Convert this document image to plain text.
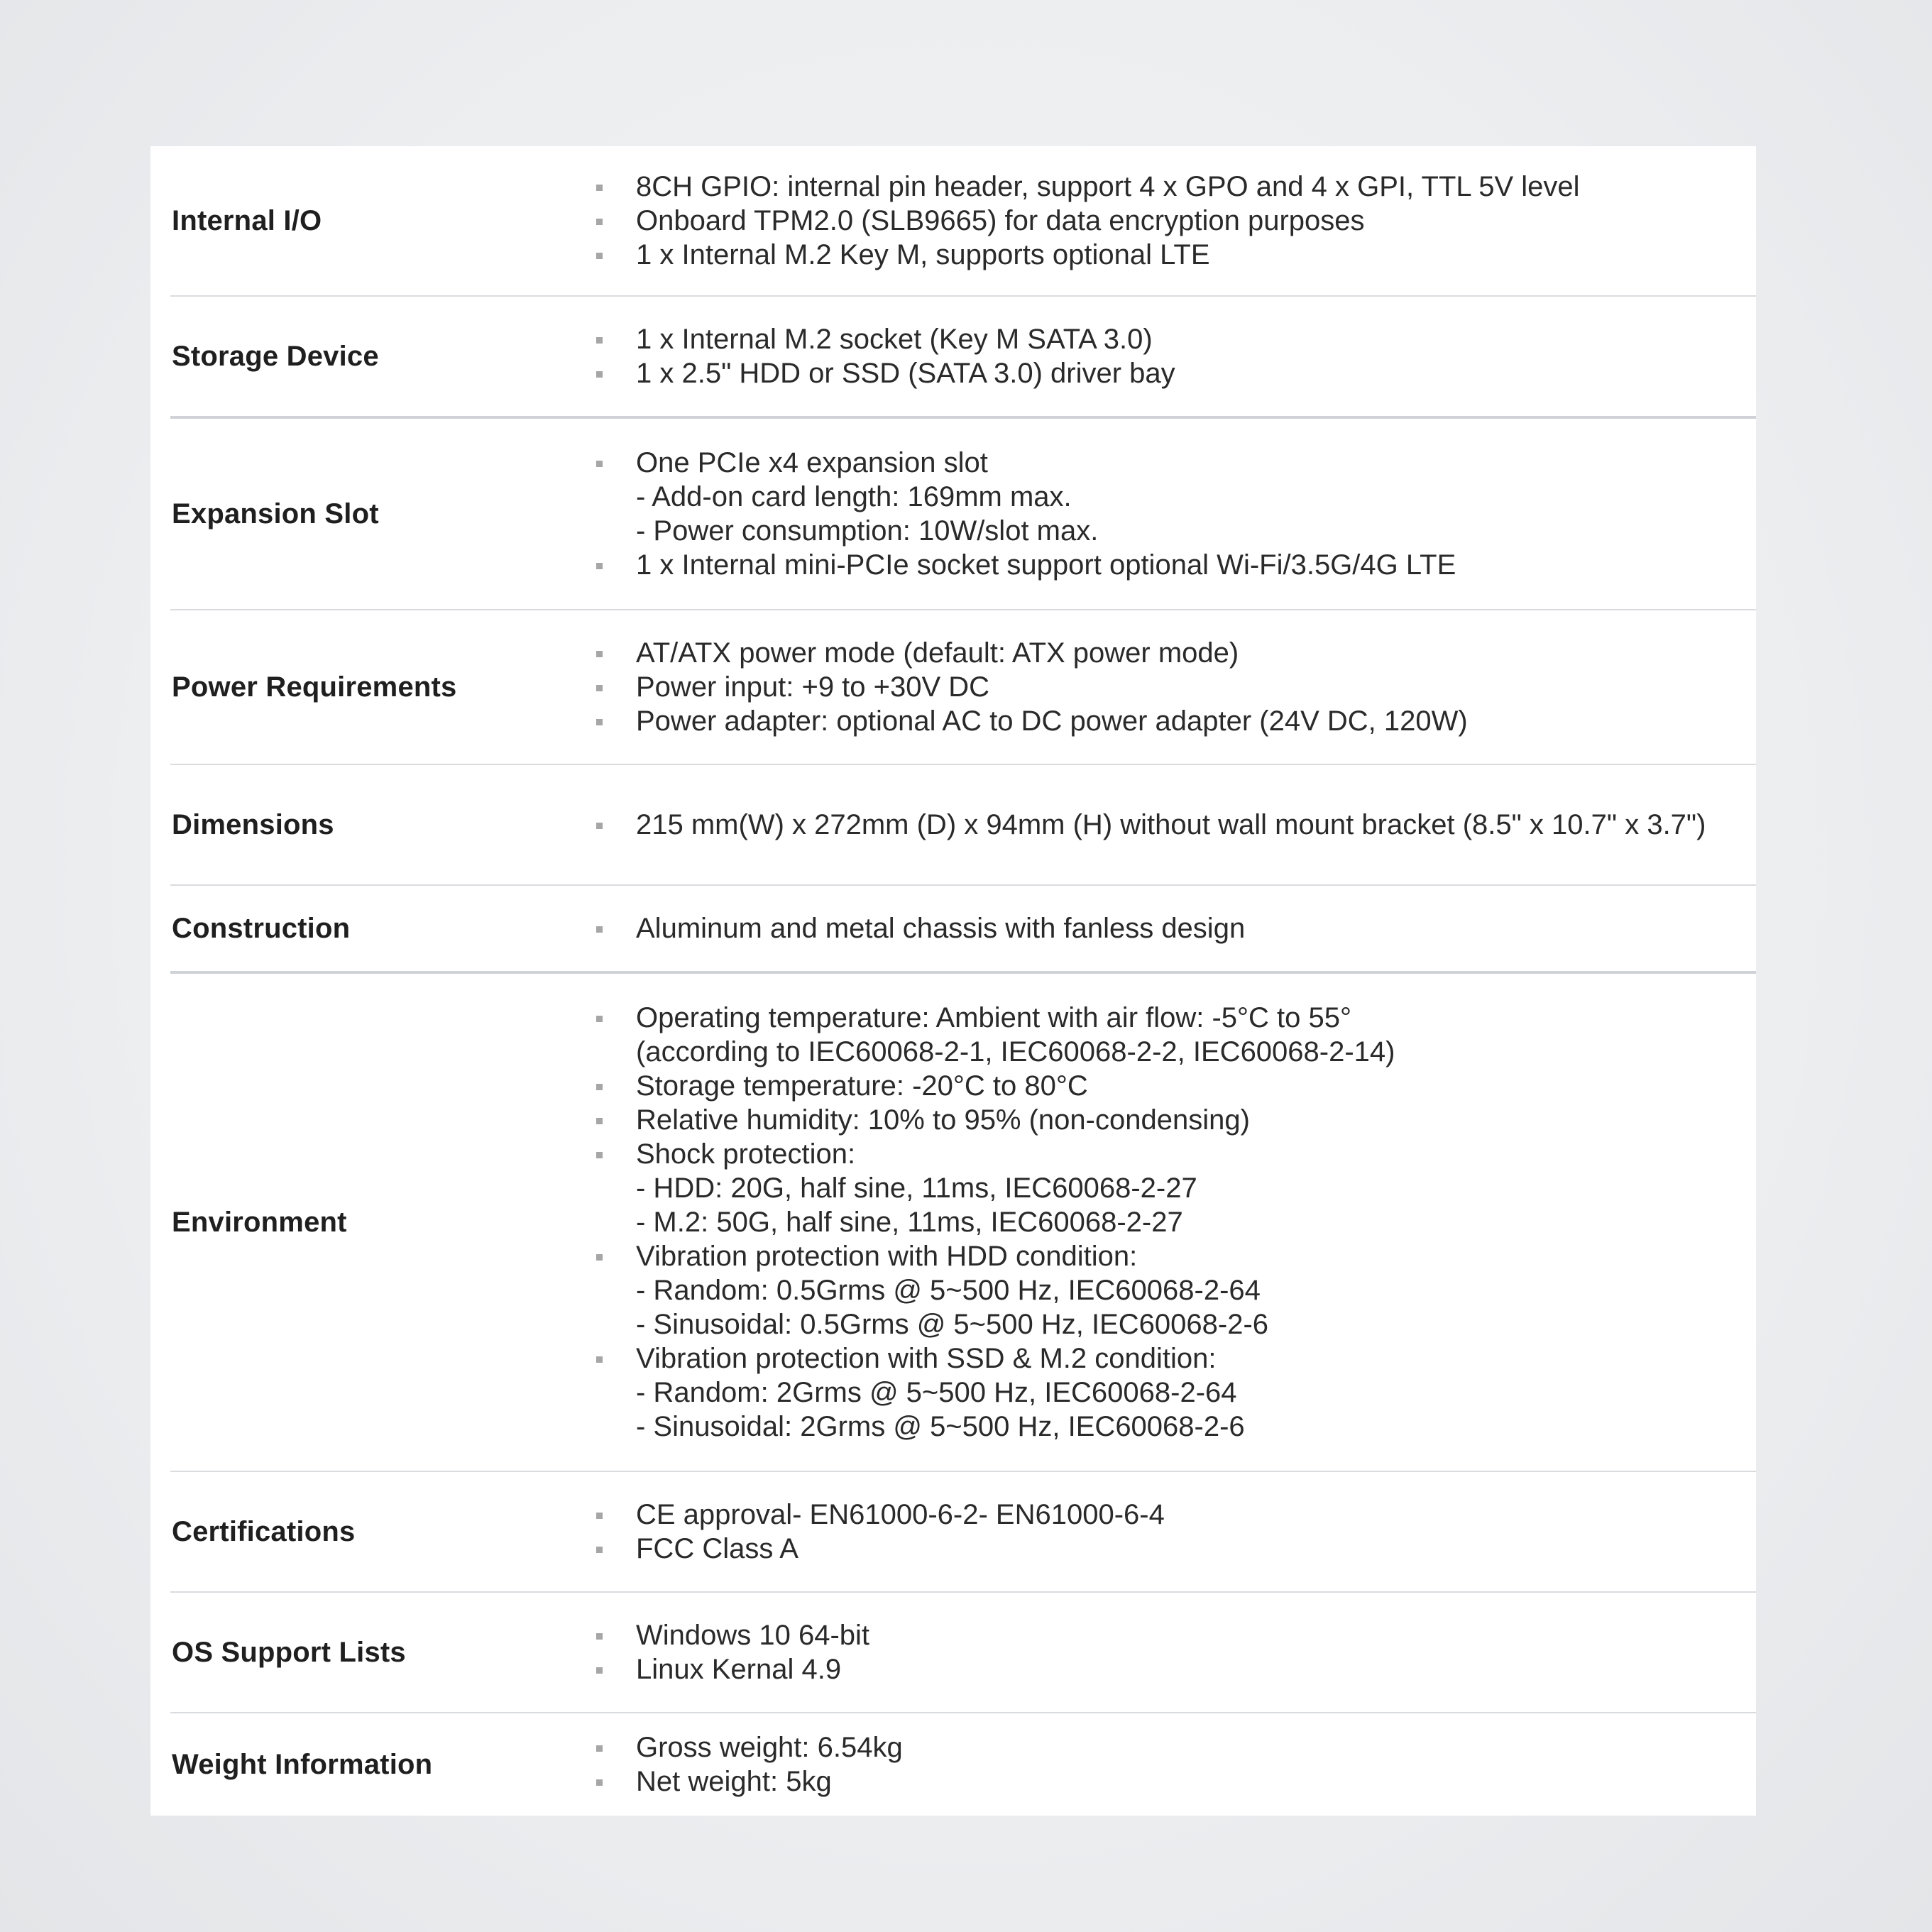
Internal I/O
8CH GPIO: internal pin header, support 4 x GPO and 4 x GPI, TTL 5V level
Onboard TPM2.0 (SLB9665) for data encryption purposes
1 x Internal M.2 Key M, supports optional LTE
Storage Device
1 x Internal M.2 socket (Key M SATA 3.0)
1 x 2.5" HDD or SSD (SATA 3.0) driver bay
Expansion Slot
One PCIe x4 expansion slot
- Add-on card length: 169mm max.
- Power consumption: 10W/slot max.
1 x Internal mini-PCIe socket support optional Wi-Fi/3.5G/4G LTE
Power Requirements
AT/ATX power mode (default: ATX power mode)
Power input: +9 to +30V DC
Power adapter: optional AC to DC power adapter (24V DC, 120W)
Dimensions	215 mm(W) x 272mm (D) x 94mm (H) without wall mount bracket (8.5" x 10.7" x 3.7")
Construction	Aluminum and metal chassis with fanless design
Environment
Operating temperature: Ambient with air flow: -5°C to 55°
(according to IEC60068-2-1, IEC60068-2-2, IEC60068-2-14)
Storage temperature: -20°C to 80°C
Relative humidity: 10% to 95% (non-condensing)
Shock protection:
- HDD: 20G, half sine, 11ms, IEC60068-2-27
- M.2: 50G, half sine, 11ms, IEC60068-2-27
Vibration protection with HDD condition:
- Random: 0.5Grms @ 5~500 Hz, IEC60068-2-64
- Sinusoidal: 0.5Grms @ 5~500 Hz, IEC60068-2-6
Vibration protection with SSD & M.2 condition:
- Random: 2Grms @ 5~500 Hz, IEC60068-2-64
- Sinusoidal: 2Grms @ 5~500 Hz, IEC60068-2-6
Certifications
CE approval- EN61000-6-2- EN61000-6-4
FCC Class A
OS Support Lists
Windows 10 64-bit
Linux Kernal 4.9
Weight Information
Gross weight: 6.54kg
Net weight: 5kg
